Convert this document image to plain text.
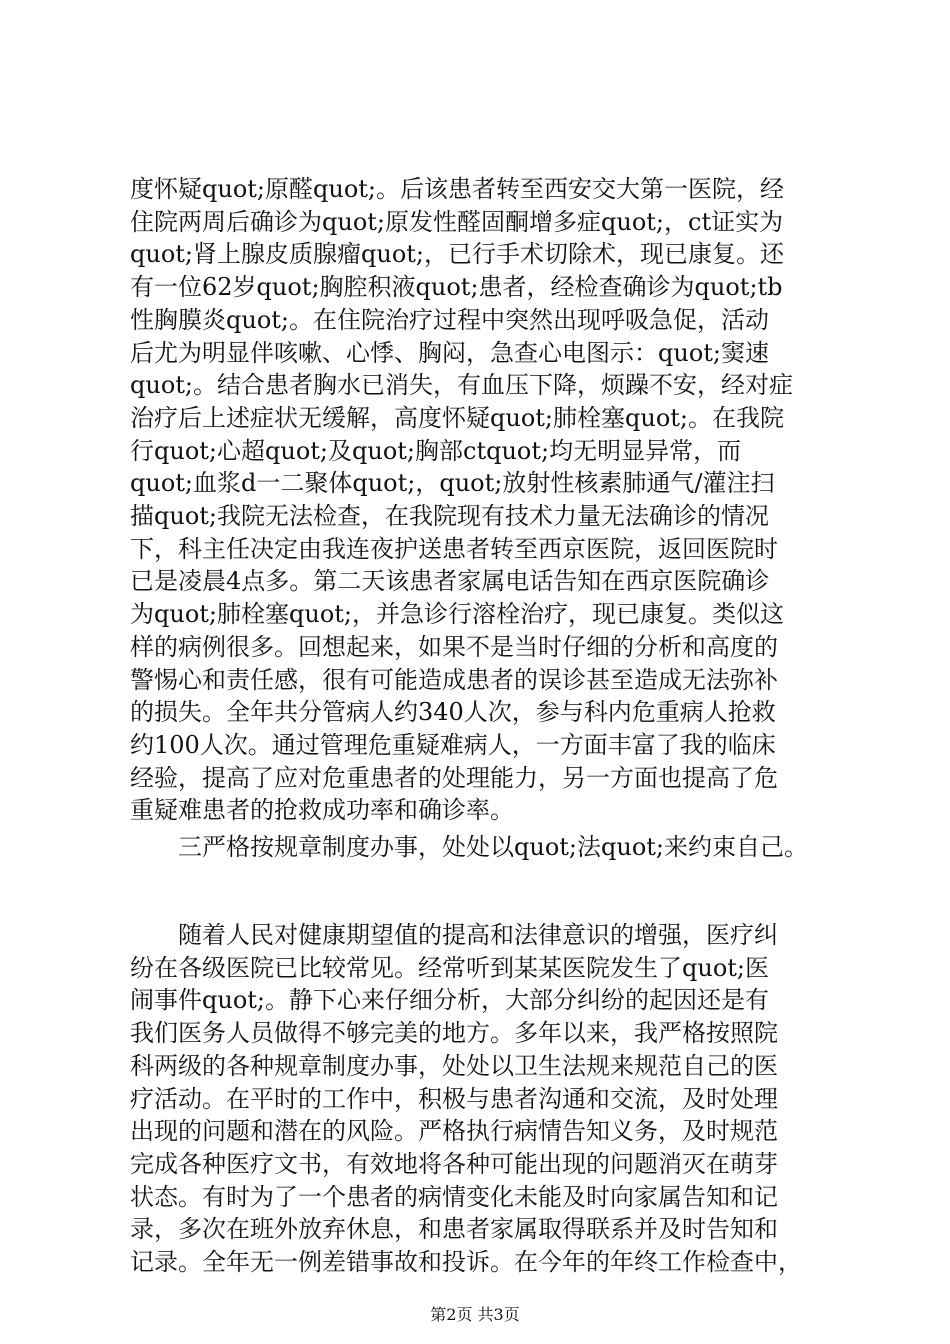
度怀疑quot;原醛quot;。后该患者转至西安交大第一医院，经
住院两周后确诊为quot;原发性醛固酮增多症quot;，ct证实为
quot;肾上腺皮质腺瘤quot;，已行手术切除术，现已康复。还
有一位62岁quot;胸腔积液quot;患者，经检查确诊为quot;tb
性胸膜炎quot;。在住院治疗过程中突然出现呼吸急促，活动
后尤为明显伴咳嗽、心悸、胸闷，急查心电图示：quot;窦速
quot;。结合患者胸水已消失，有血压下降，烦躁不安，经对症
治疗后上述症状无缓解，高度怀疑quot;肺栓塞quot;。在我院
行quot;心超quot;及quot;胸部ctquot;均无明显异常，而
quot;血浆d一二聚体quot;，quot;放射性核素肺通气/灌注扫
描quot;我院无法检查，在我院现有技术力量无法确诊的情况
下，科主任决定由我连夜护送患者转至西京医院，返回医院时
已是凌晨4点多。第二天该患者家属电话告知在西京医院确诊
为quot;肺栓塞quot;，并急诊行溶栓治疗，现已康复。类似这
样的病例很多。回想起来，如果不是当时仔细的分析和高度的
警惕心和责任感，很有可能造成患者的误诊甚至造成无法弥补
的损失。全年共分管病人约340人次，参与科内危重病人抢救
约100人次。通过管理危重疑难病人，一方面丰富了我的临床
经验，提高了应对危重患者的处理能力，另一方面也提高了危
重疑难患者的抢救成功率和确诊率。
三严格按规章制度办事，处处以quot;法quot;来约束自己。
随着人民对健康期望值的提高和法律意识的增强，医疗纠
纷在各级医院已比较常见。经常听到某某医院发生了quot;医
闹事件quot;。静下心来仔细分析，大部分纠纷的起因还是有
我们医务人员做得不够完美的地方。多年以来，我严格按照院
科两级的各种规章制度办事，处处以卫生法规来规范自己的医
疗活动。在平时的工作中，积极与患者沟通和交流，及时处理
出现的问题和潜在的风险。严格执行病情告知义务，及时规范
完成各种医疗文书，有效地将各种可能出现的问题消灭在萌芽
状态。有时为了一个患者的病情变化未能及时向家属告知和记
录，多次在班外放弃休息，和患者家属取得联系并及时告知和
记录。全年无一例差错事故和投诉。在今年的年终工作检查中，
第2页 共3页
